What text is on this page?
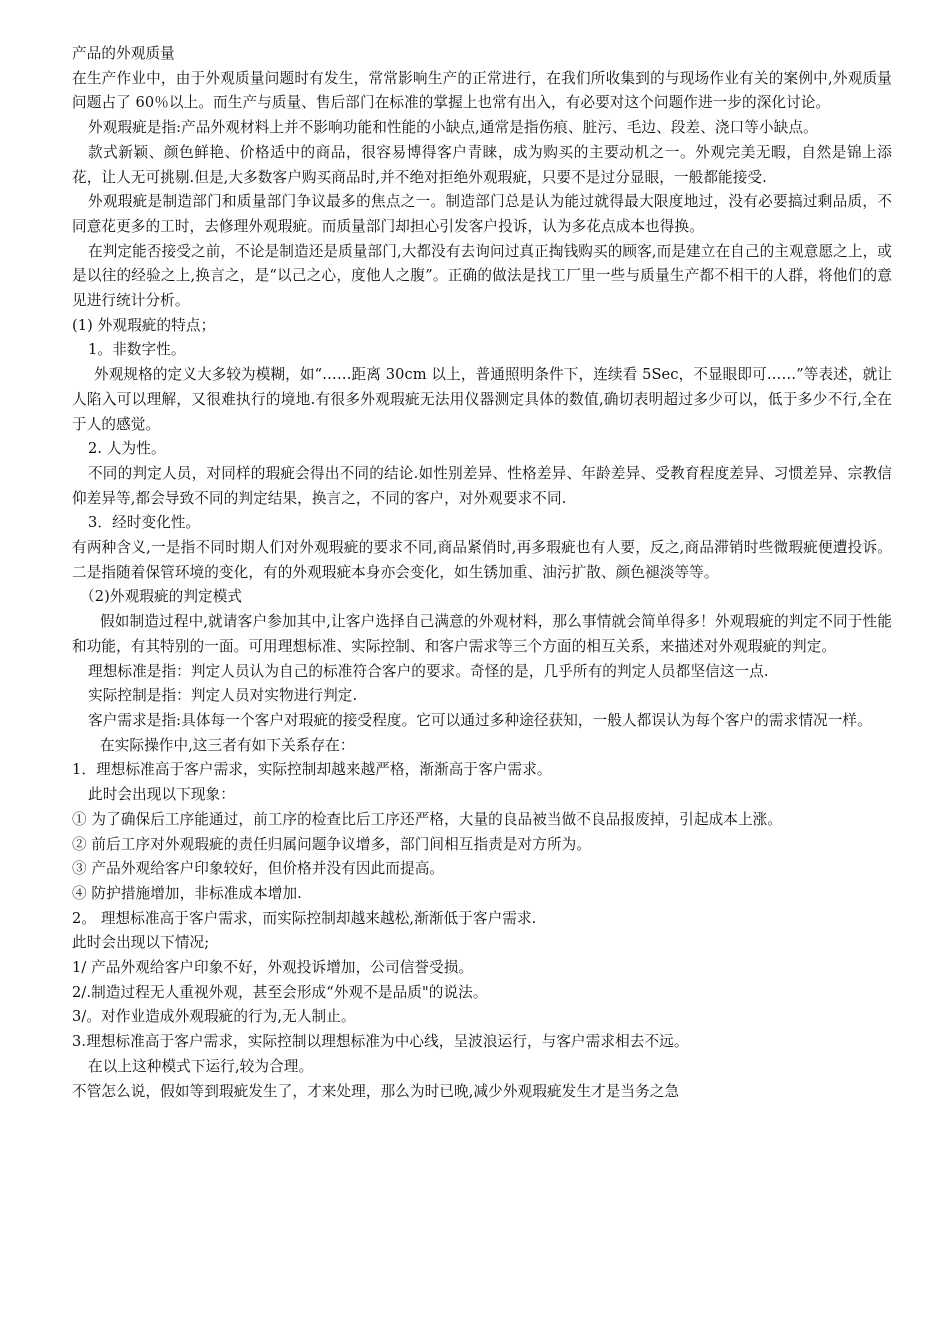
产品的外观质量

在生产作业中，由于外观质量问题时有发生，常常影响生产的正常进行，在我们所收集到的与现场作业有关的案例中,外观质量问题占了 60％以上。而生产与质量、售后部门在标准的掌握上也常有出入，有必要对这个问题作进一步的深化讨论。

外观瑕疵是指:产品外观材料上并不影响功能和性能的小缺点,通常是指伤痕、脏污、毛边、段差、浇口等小缺点。

款式新颖、颜色鲜艳、价格适中的商品，很容易博得客户青睐，成为购买的主要动机之一。外观完美无暇，自然是锦上添花，让人无可挑剔.但是,大多数客户购买商品时,并不绝对拒绝外观瑕疵，只要不是过分显眼，一般都能接受.

外观瑕疵是制造部门和质量部门争议最多的焦点之一。制造部门总是认为能过就得最大限度地过，没有必要搞过剩品质，不同意花更多的工时，去修理外观瑕疵。而质量部门却担心引发客户投诉，认为多花点成本也得换。

在判定能否接受之前，不论是制造还是质量部门,大都没有去询问过真正掏钱购买的顾客,而是建立在自己的主观意愿之上，或是以往的经验之上,换言之，是“以己之心，度他人之腹”。正确的做法是找工厂里一些与质量生产都不相干的人群，将他们的意见进行统计分析。

(1) 外观瑕疵的特点；

1。非数字性。

外观规格的定义大多较为模糊，如“……距离 30cm 以上，普通照明条件下，连续看 5Sec，不显眼即可……”等表述，就让人陷入可以理解，又很难执行的境地.有很多外观瑕疵无法用仪器测定具体的数值,确切表明超过多少可以，低于多少不行,全在于人的感觉。

2. 人为性。

不同的判定人员，对同样的瑕疵会得出不同的结论.如性别差异、性格差异、年龄差异、受教育程度差异、习惯差异、宗教信仰差异等,都会导致不同的判定结果，换言之，不同的客户，对外观要求不同.

3．经时变化性。

有两种含义,一是指不同时期人们对外观瑕疵的要求不同,商品紧俏时,再多瑕疵也有人要，反之,商品滞销时些微瑕疵便遭投诉。二是指随着保管环境的变化，有的外观瑕疵本身亦会变化，如生锈加重、油污扩散、颜色褪淡等等。

（2)外观瑕疵的判定模式

假如制造过程中,就请客户参加其中,让客户选择自己满意的外观材料，那么事情就会简单得多！外观瑕疵的判定不同于性能和功能，有其特别的一面。可用理想标准、实际控制、和客户需求等三个方面的相互关系，来描述对外观瑕疵的判定。

理想标准是指：判定人员认为自己的标准符合客户的要求。奇怪的是，几乎所有的判定人员都坚信这一点.

实际控制是指：判定人员对实物进行判定.

客户需求是指:具体每一个客户对瑕疵的接受程度。它可以通过多种途径获知，一般人都误认为每个客户的需求情况一样。

在实际操作中,这三者有如下关系存在：

1．理想标准高于客户需求，实际控制却越来越严格，渐渐高于客户需求。

此时会出现以下现象：

① 为了确保后工序能通过，前工序的检查比后工序还严格，大量的良品被当做不良品报废掉，引起成本上涨。

② 前后工序对外观瑕疵的责任归属问题争议增多，部门间相互指责是对方所为。

③ 产品外观给客户印象较好，但价格并没有因此而提高。

④ 防护措施增加，非标准成本增加.

2。 理想标准高于客户需求，而实际控制却越来越松,渐渐低于客户需求.

此时会出现以下情况;

1/ 产品外观给客户印象不好，外观投诉增加，公司信誉受损。

2/.制造过程无人重视外观，甚至会形成“外观不是品质"的说法。

3/。对作业造成外观瑕疵的行为,无人制止。

3.理想标准高于客户需求，实际控制以理想标准为中心线，呈波浪运行，与客户需求相去不远。

在以上这种模式下运行,较为合理。

不管怎么说，假如等到瑕疵发生了，才来处理，那么为时已晚,减少外观瑕疵发生才是当务之急
